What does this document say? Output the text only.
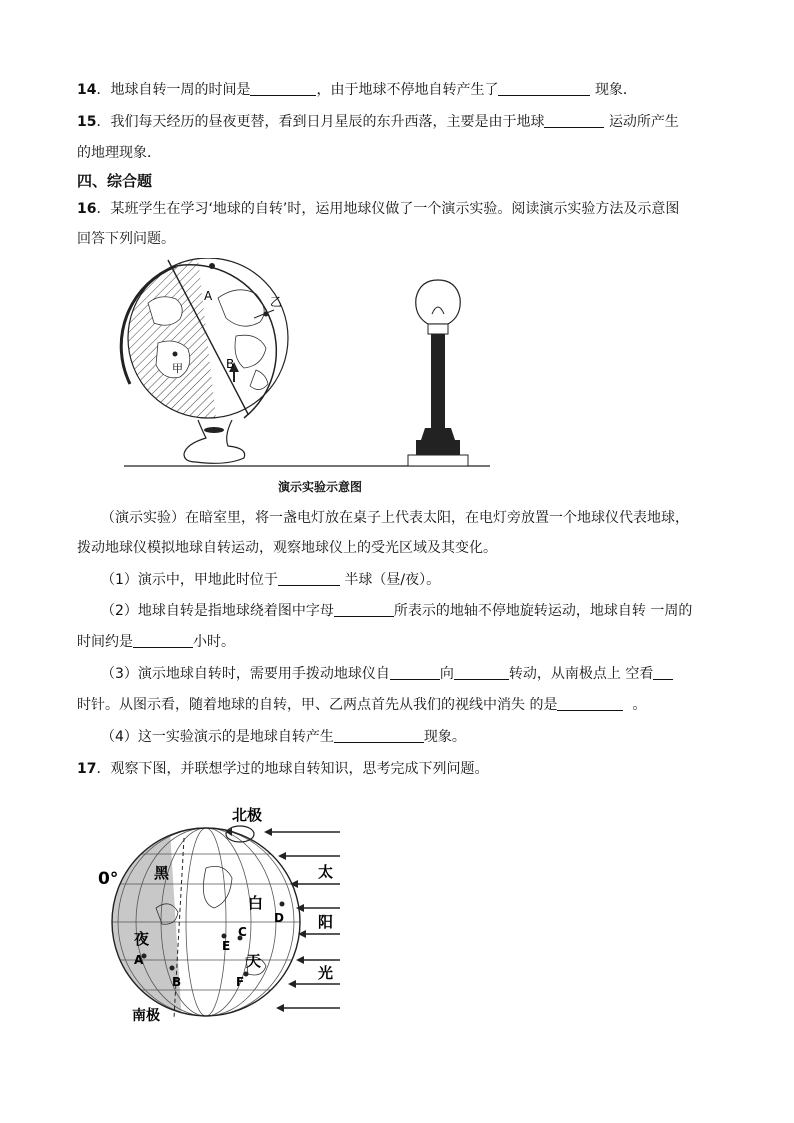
14．地球自转一周的时间是	，由于地球不停地自转产生了	现象．
15．我们每天经历的昼夜更替，看到日月星辰的东升西落，主要是由于地球	运动所产生
的地理现象．
四、综合题
16．某班学生在学习‘地球的自转’时，运用地球仪做了一个演示实验。阅读演示实验方法及示意图
回答下列问题。
A
B
乙
甲
演示实验示意图
（演示实验）在暗室里，将一盏电灯放在桌子上代表太阳，在电灯旁放置一个地球仪代表地球，
拨动地球仪模拟地球自转运动，观察地球仪上的受光区域及其变化。
（1）演示中，甲地此时位于	半球（昼/夜）。
（2）地球自转是指地球绕着图中字母	所表示的地轴不停地旋转运动，地球自转 一周的
时间约是	小时。
（3）演示地球自转时，需要用手拨动地球仪自	向	转动，从南极点上 空看
时针。从图示看，随着地球的自转，甲、乙两点首先从我们的视线中消失 的是	。
（4）这一实验演示的是地球自转产生	现象。
17．观察下图，并联想学过的地球自转知识，思考完成下列问题。
北极
南极
0° 黑
夜
白
天
A
B
C
D
E
F
太
阳
光
